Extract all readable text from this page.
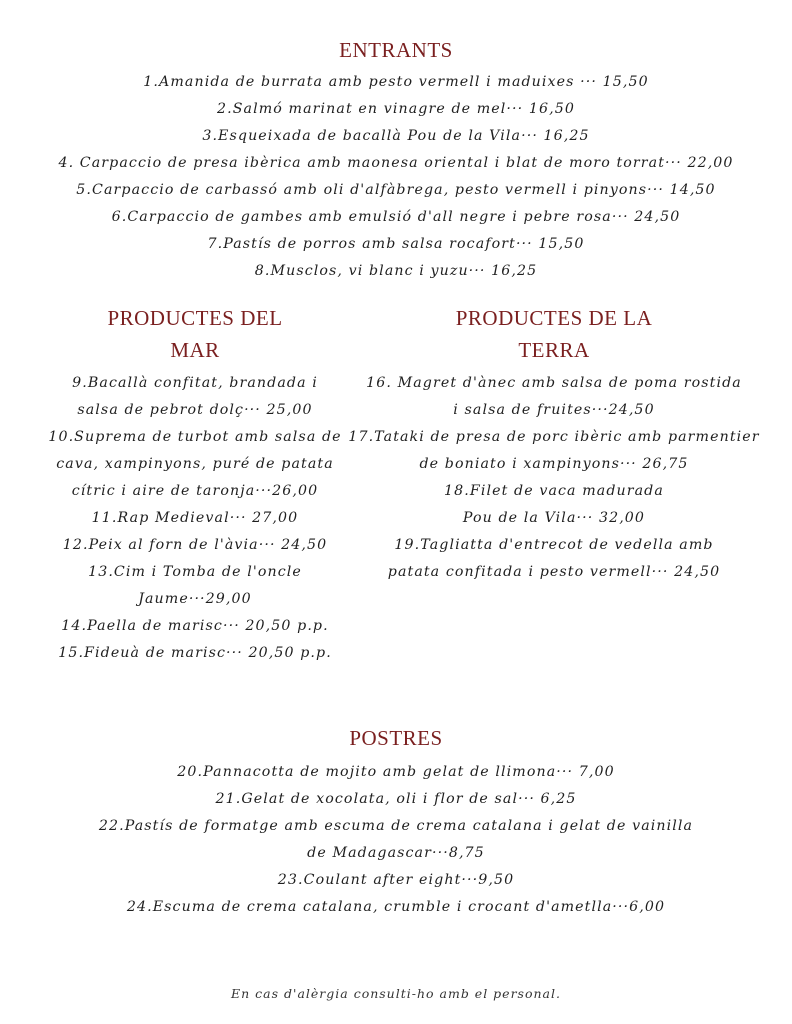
ENTRANTS
1.Amanida de burrata amb pesto vermell i maduixes ··· 15,50
2.Salmó marinat en vinagre de mel··· 16,50
3.Esqueixada de bacallà Pou de la Vila··· 16,25
4. Carpaccio de presa ibèrica amb maonesa oriental i blat de moro torrat··· 22,00
5.Carpaccio de carbassó amb oli d'alfàbrega, pesto vermell i pinyons··· 14,50
6.Carpaccio de gambes amb emulsió d'all negre i pebre rosa··· 24,50
7.Pastís de porros amb salsa rocafort··· 15,50
8.Musclos, vi blanc i yuzu··· 16,25
PRODUCTES DEL
MAR
9.Bacallà confitat, brandada i
salsa de pebrot dolç··· 25,00
10.Suprema de turbot amb salsa de
cava, xampinyons, puré de patata
cítric i aire de taronja···26,00
11.Rap Medieval··· 27,00
12.Peix al forn de l'àvia··· 24,50
13.Cim i Tomba de l'oncle
Jaume···29,00
14.Paella de marisc··· 20,50 p.p.
15.Fideuà de marisc··· 20,50 p.p.
PRODUCTES DE LA
TERRA
16. Magret d'ànec amb salsa de poma rostida
i salsa de fruites···24,50
17.Tataki de presa de porc ibèric amb parmentier
de boniato i xampinyons··· 26,75
18.Filet de vaca madurada
Pou de la Vila··· 32,00
19.Tagliatta d'entrecot de vedella amb
patata confitada i pesto vermell··· 24,50
POSTRES
20.Pannacotta de mojito amb gelat de llimona··· 7,00
21.Gelat de xocolata, oli i flor de sal··· 6,25
22.Pastís de formatge amb escuma de crema catalana i gelat de vainilla
de Madagascar···8,75
23.Coulant after eight···9,50
24.Escuma de crema catalana, crumble i crocant d'ametlla···6,00
En cas d'alèrgia consulti-ho amb el personal.
